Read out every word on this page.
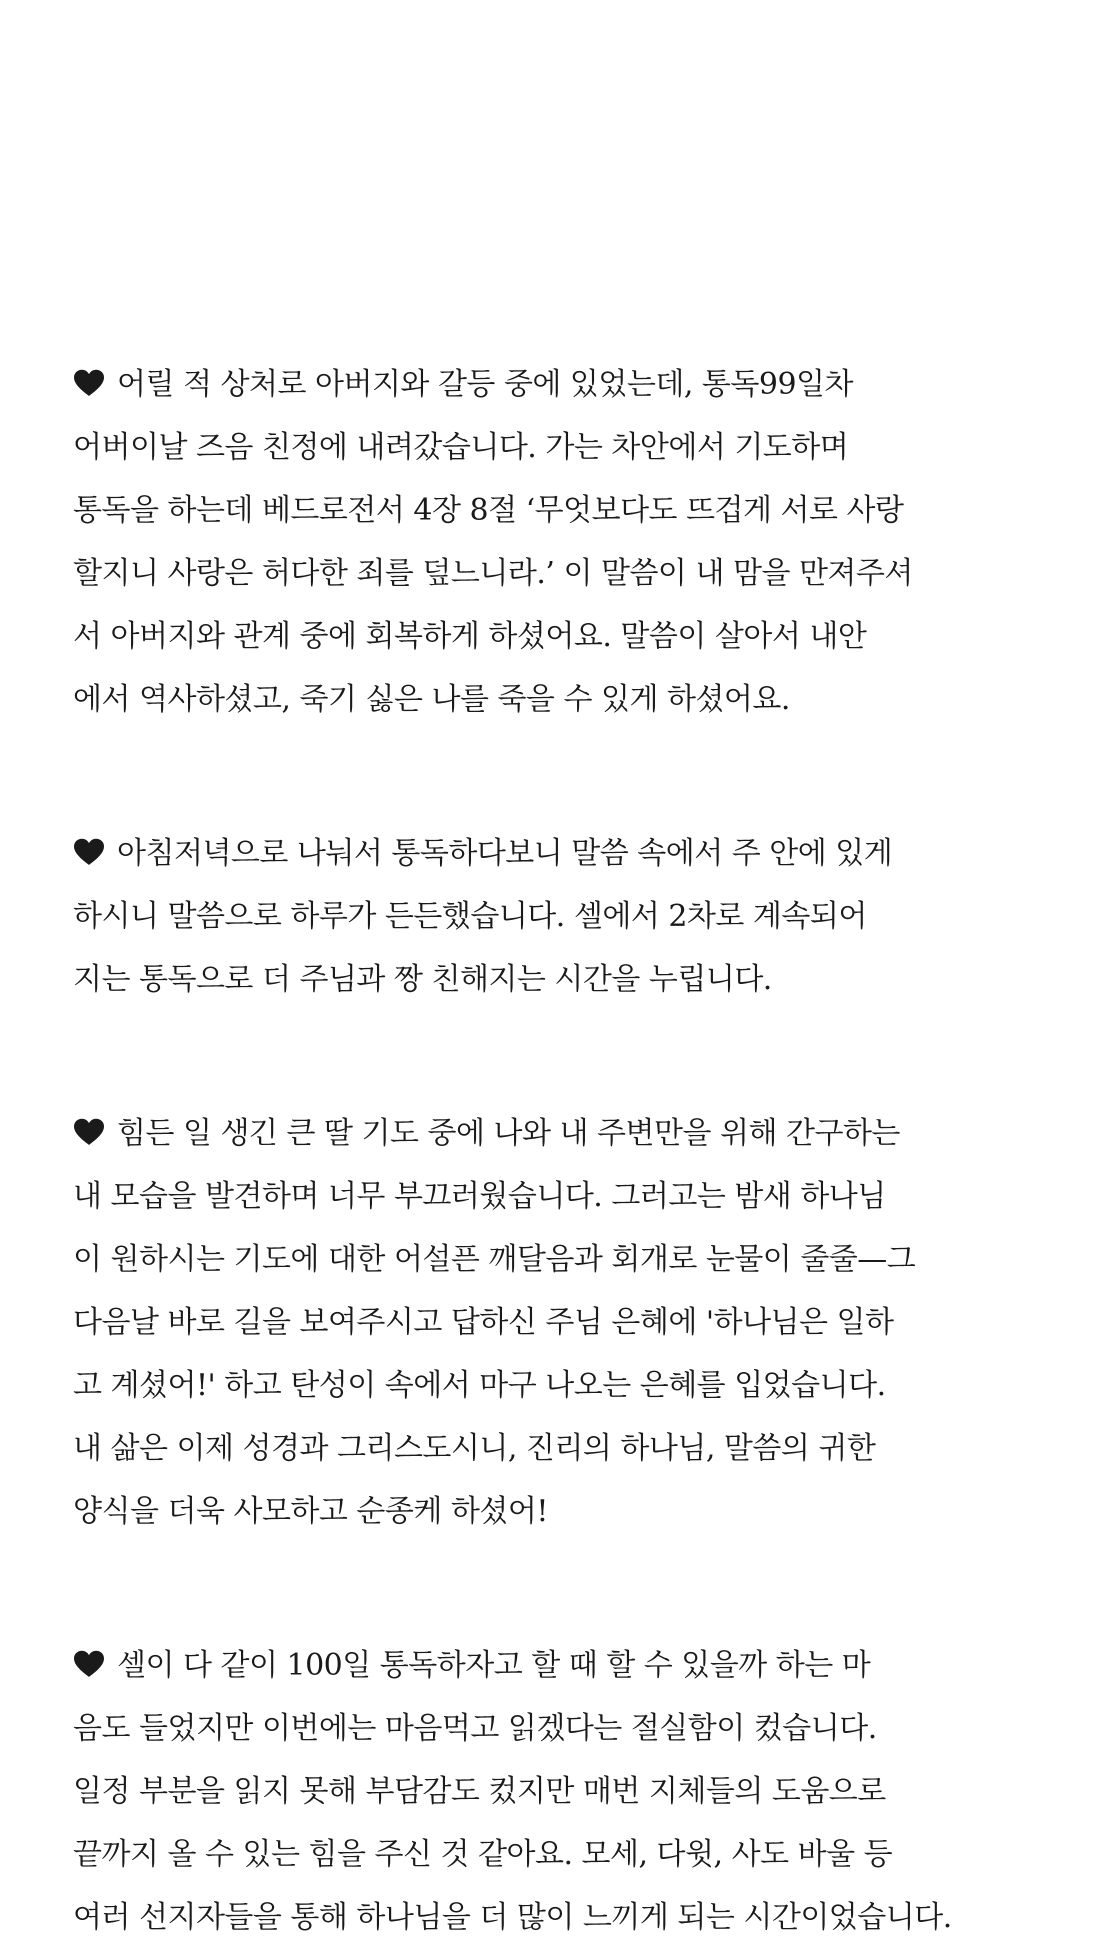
어릴 적 상처로 아버지와 갈등 중에 있었는데, 통독99일차
어버이날 즈음 친정에 내려갔습니다. 가는 차안에서 기도하며
통독을 하는데 베드로전서 4장 8절 ‘무엇보다도 뜨겁게 서로 사랑
할지니 사랑은 허다한 죄를 덮느니라.’ 이 말씀이 내 맘을 만져주셔
서 아버지와 관계 중에 회복하게 하셨어요. 말씀이 살아서 내안
에서 역사하셨고, 죽기 싫은 나를 죽을 수 있게 하셨어요.
아침저녁으로 나눠서 통독하다보니 말씀 속에서 주 안에 있게
하시니 말씀으로 하루가 든든했습니다. 셀에서 2차로 계속되어
지는 통독으로 더 주님과 짱 친해지는 시간을 누립니다.
힘든 일 생긴 큰 딸 기도 중에 나와 내 주변만을 위해 간구하는
내 모습을 발견하며 너무 부끄러웠습니다. 그러고는 밤새 하나님
이 원하시는 기도에 대한 어설픈 깨달음과 회개로 눈물이 줄줄—그
다음날 바로 길을 보여주시고 답하신 주님 은혜에 '하나님은 일하
고 계셨어!' 하고 탄성이 속에서 마구 나오는 은혜를 입었습니다.
내 삶은 이제 성경과 그리스도시니, 진리의 하나님, 말씀의 귀한
양식을 더욱 사모하고 순종케 하셨어!
셀이 다 같이 100일 통독하자고 할 때 할 수 있을까 하는 마
음도 들었지만 이번에는 마음먹고 읽겠다는 절실함이 컸습니다.
일정 부분을 읽지 못해 부담감도 컸지만 매번 지체들의 도움으로
끝까지 올 수 있는 힘을 주신 것 같아요. 모세, 다윗, 사도 바울 등
여러 선지자들을 통해 하나님을 더 많이 느끼게 되는 시간이었습니다.
